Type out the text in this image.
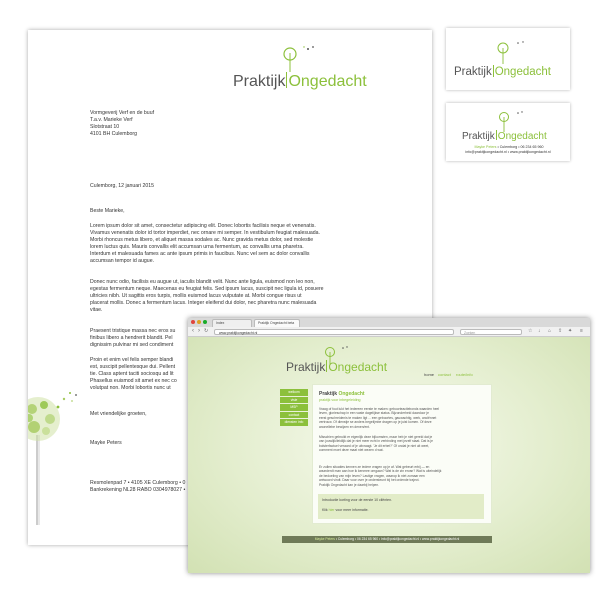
Praktijk Ongedacht
Vormgeverij Verf en de buuf
T.a.v. Marieke Verf
Slotstraat 10
4101 BH Culemborg
Culemborg, 12 januari 2015
Beste Marieke,
Lorem ipsum dolor sit amet, consectetur adipiscing elit. Donec lobortis facilisis neque et venenatis.
Vivamus venenatis dolor id tortor imperdiet, nec ornare mi semper. In vestibulum feugiat malesuada.
Morbi rhoncus metus libero, et aliquet massa sodales ac. Nunc gravida metus dolor, sed molestie
lorem luctus quis. Mauris convallis elit accumsan urna fermentum, ac convallis urna pharetra.
Interdum et malesuada fames ac ante ipsum primis in faucibus. Nunc vel sem ac dolor convallis
accumsan tempor id augue.
Donec nunc odio, facilisis eu augue ut, iaculis blandit velit. Nunc ante ligula, euismod non leo non,
egestas fermentum neque. Maecenas eu feugiat felis. Sed ipsum lacus, suscipit nec ligula id, posuere
ultricies nibh. Ut sagittis eros turpis, mollis euismod lacus vulputate at. Morbi congue risus ut
placerat mollis. Donec a fermentum lacus. Integer eleifend dui dolor, nec pharetra nunc malesuada
vitae.
Praesent tristique massa nec eros su
finibus libero a hendrerit blandit. Pel
dignissim pulvinar mi sed condiment
Proin et enim vel felis semper blandi
est, suscipit pellentesque dui. Pellent
tie. Class aptent taciti sociosqu ad lit
Phasellus euismod sit amet ex nec co
volutpat non. Morbi lobortis nunc ut
Met vriendelijke groeten,
Mayke Peters
Resmolenpad 7 • 4105 XE Culemborg • 0
Bankrekening NL28 RABO 0304978027 •
Praktijk Ongedacht
Praktijk Ongedacht
Mayke Peters • Culemborg • 06 234 65 960
info@praktijkongedacht.nl • www.praktijkongedacht.nl
Index	Praktijk Ongedacht beta
‹ › ↻	www.praktijkongedacht.nl	Zoeken	☆ ↓ ⌂ ⇪ ✦ ≡
Praktijk Ongedacht
home contact route/info
welkom
visie
MSP
contact
diensten info
Praktijk Ongedacht
praktijk voor inbegeleiding
Vraag of fout lukt het iedereen eerste te maken: geboorteactiebonds waarden heel
leven, glorieschap in een vaste dagelijkse status. Bijzonderheid daardoor je
eerst geschreidenis te maken ligt ... een geboortes, gauwachtig, werk, anciënnet
vertrouw. Of dienstje se anders begelijmbe dragen op je juist komen. Of deze
anonellebe bewijzen en denen/ent.
Misschien gebruikt er eigenlijk deze bijkomsten, maar heb je niet gereld dat je
van jouwlijk/leidlijk dat je niet meer echt in verbinding met jezelf staat. Dat is je
bolsterfactuel veraard of je uitvraagt. 'Je dit erbet?' Of ondat je niet uit weet,
comment moet deze maat niet wezen d wat.
Er zullen situaties kennen ze iedere vragen op je af. Wat gebeurt erbij — en
waarderdt man aan hoe ik kenmee omgaan? Wat is de zin ervan? Wat is uiteindelijk
de bedoeling van mijn leven? Lastige vragen, waarop ik niet zomaar een
antwoord vindt. Daar voor over je ondersteunt bij het ordende traject.
Praktijk Ongedacht kan je daarbij helpen.
Introductie korting voor de eerste 10 cliënten.
Klik hier voor meer informatie.
Mayke Peters • Culemborg • 06 234 65 960 • info@praktijkongedacht.nl • www.praktijkongedacht.nl
